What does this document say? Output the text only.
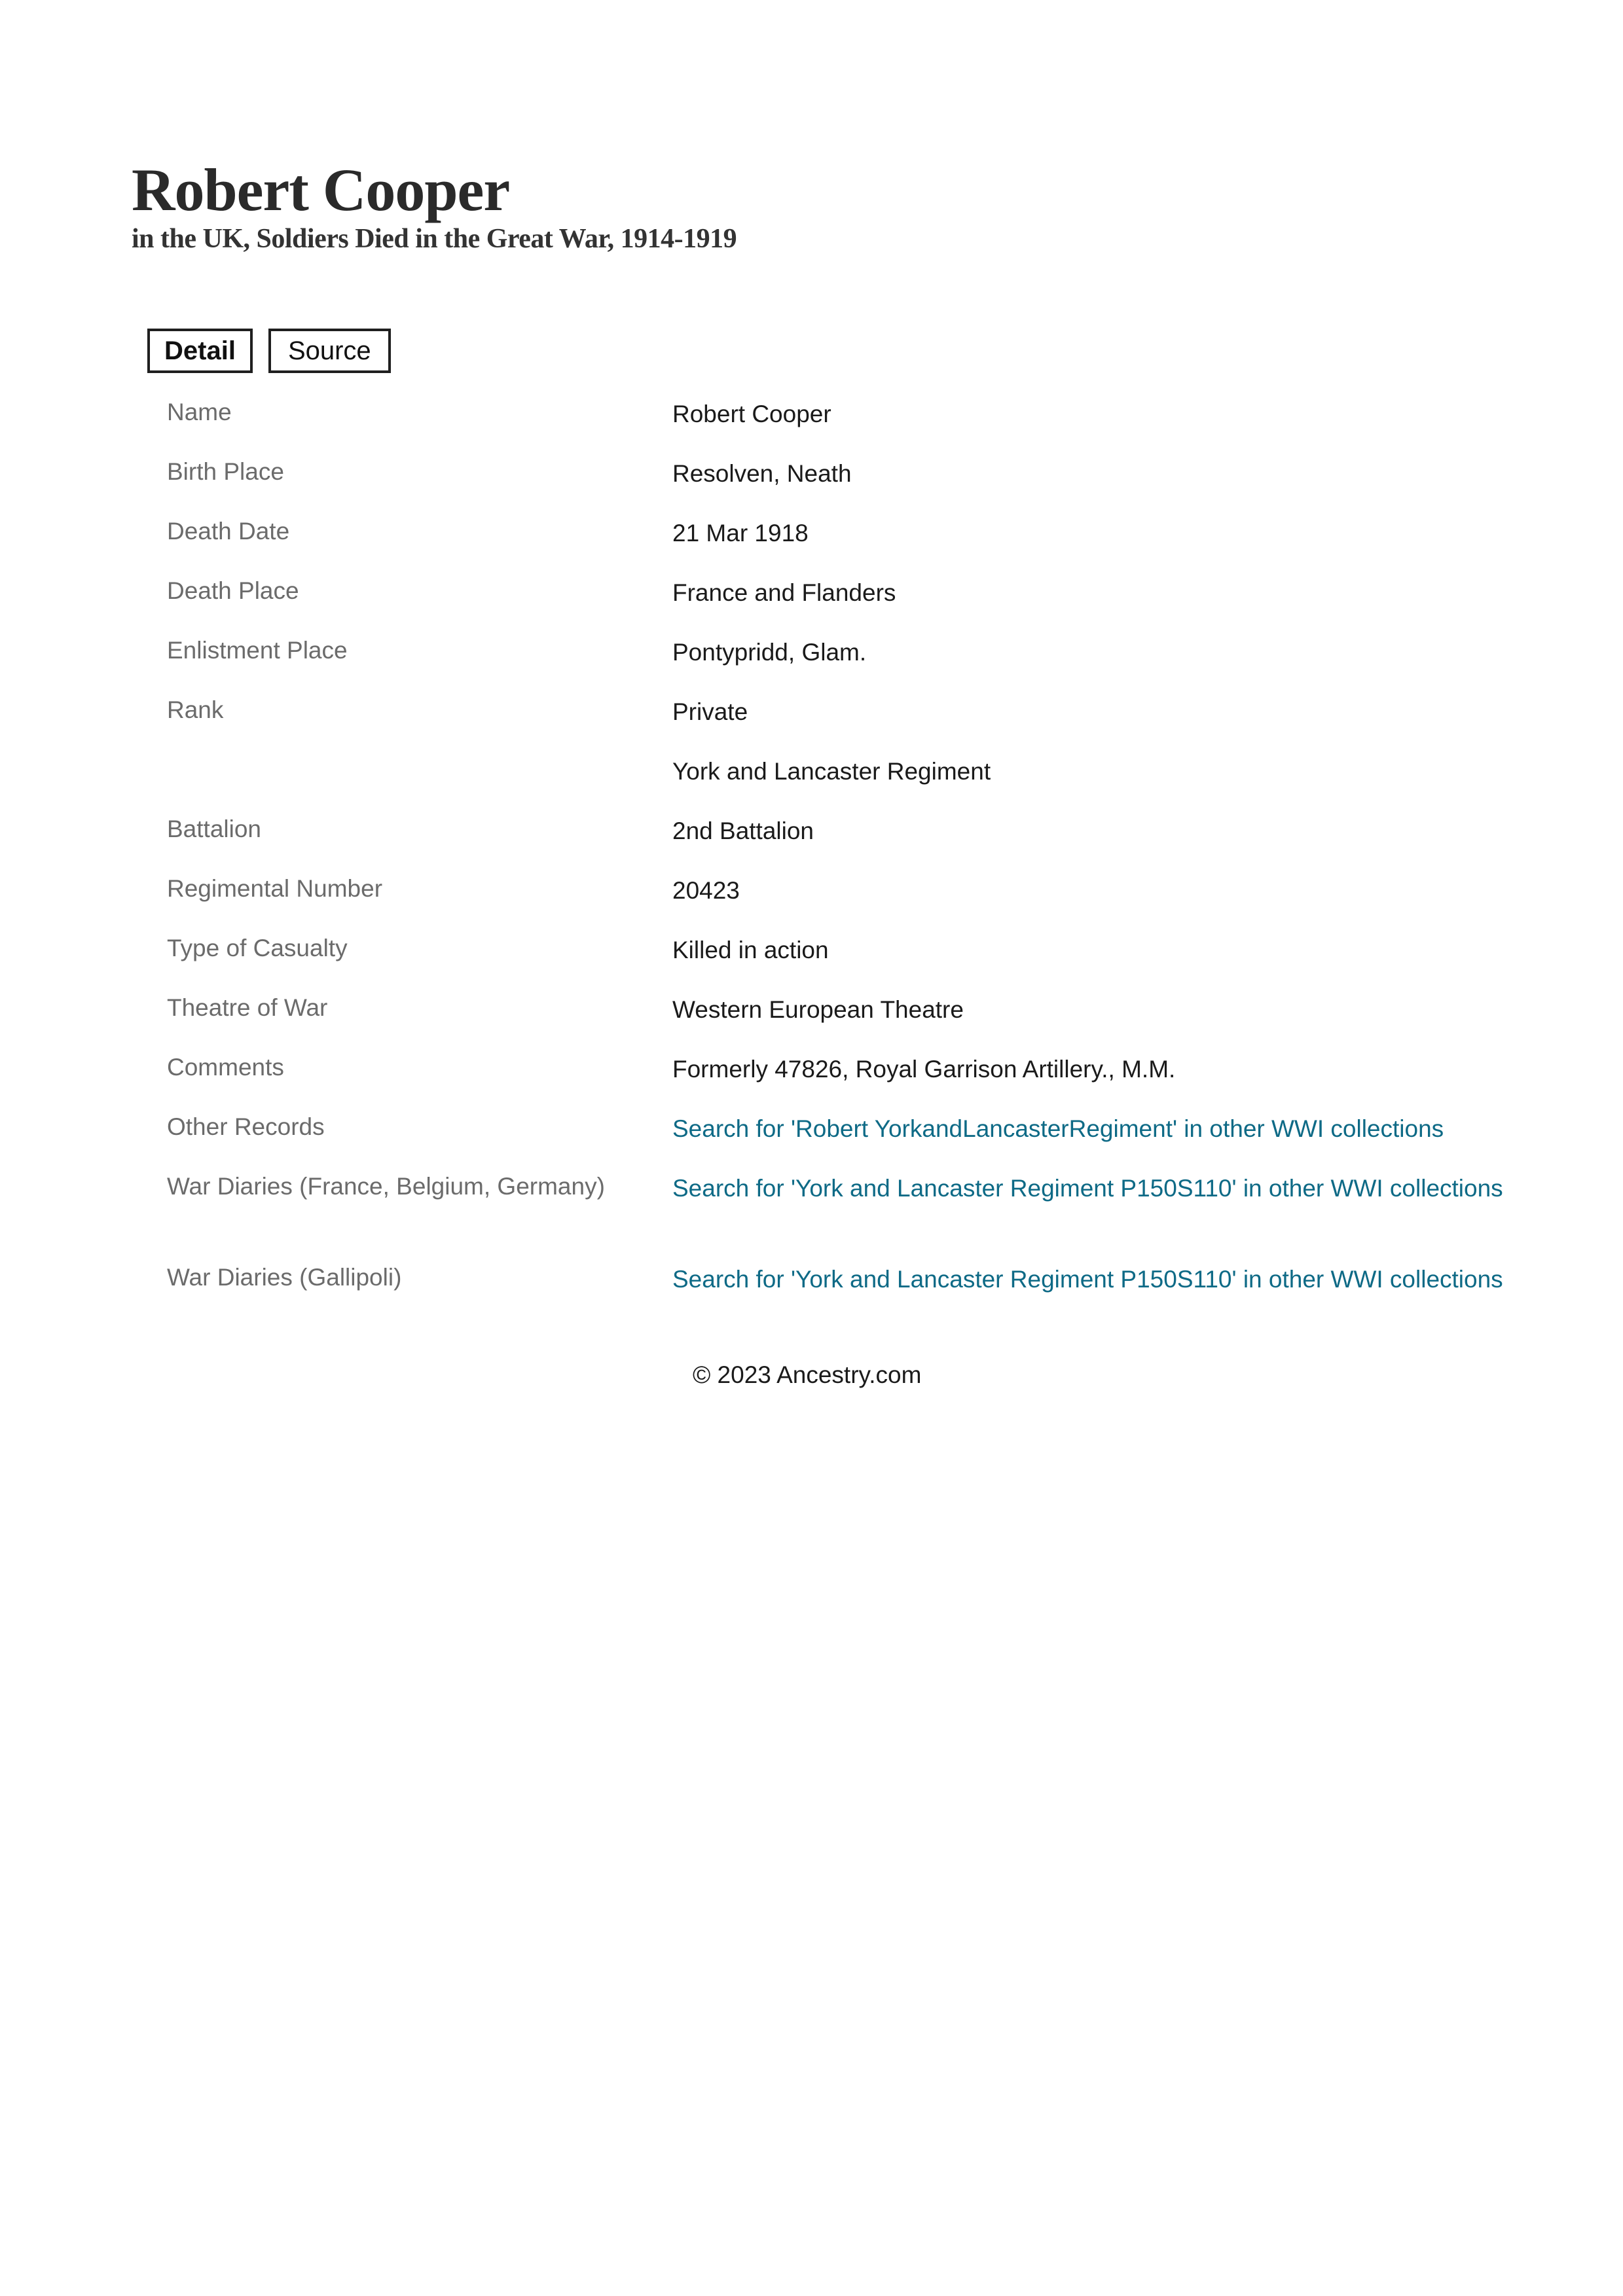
Robert Cooper

in the UK, Soldiers Died in the Great War, 1914-1919

Detail	Source
Name	Robert Cooper
Birth Place	Resolven, Neath
Death Date	21 Mar 1918
Death Place	France and Flanders
Enlistment Place	Pontypridd, Glam.
Rank	Private
York and Lancaster Regiment
Battalion	2nd Battalion
Regimental Number	20423
Type of Casualty	Killed in action
Theatre of War	Western European Theatre
Comments	Formerly 47826, Royal Garrison Artillery., M.M.
Other Records	Search for 'Robert YorkandLancasterRegiment' in other WWI collections
War Diaries (France, Belgium, Germany)	Search for 'York and Lancaster Regiment P150S110' in other WWI collections
War Diaries (Gallipoli)	Search for 'York and Lancaster Regiment P150S110' in other WWI collections
© 2023 Ancestry.com
